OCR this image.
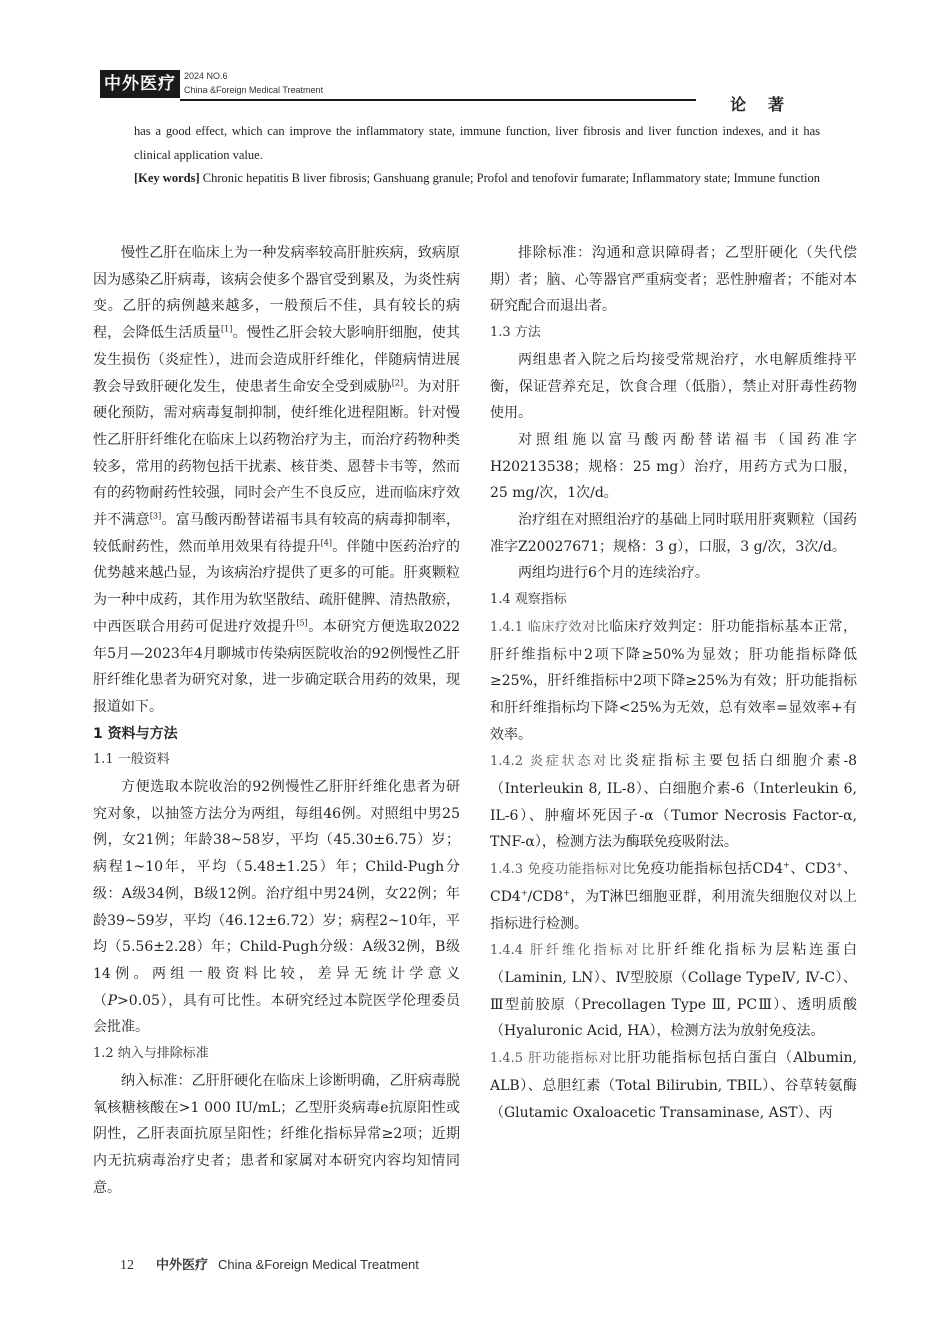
中外医疗 2024 NO.6
China &Foreign Medical Treatment
论著

has a good effect, which can improve the inflammatory state, immune function, liver fibrosis and liver function indexes, and it has clinical application value.

[Key words] Chronic hepatitis B liver fibrosis; Ganshuang granule; Profol and tenofovir fumarate; Inflammatory state; Immune function

慢性乙肝在临床上为一种发病率较高肝脏疾病，致病原因为感染乙肝病毒，该病会使多个器官受到累及，为炎性病变。乙肝的病例越来越多，一般预后不佳，具有较长的病程，会降低生活质量[1]。慢性乙肝会较大影响肝细胞，使其发生损伤（炎症性），进而会造成肝纤维化，伴随病情进展教会导致肝硬化发生，使患者生命安全受到威胁[2]。为对肝硬化预防，需对病毒复制抑制，使纤维化进程阻断。针对慢性乙肝肝纤维化在临床上以药物治疗为主，而治疗药物种类较多，常用的药物包括干扰素、核苷类、恩替卡韦等，然而有的药物耐药性较强，同时会产生不良反应，进而临床疗效并不满意[3]。富马酸丙酚替诺福韦具有较高的病毒抑制率，较低耐药性，然而单用效果有待提升[4]。伴随中医药治疗的优势越来越凸显，为该病治疗提供了更多的可能。肝爽颗粒为一种中成药，其作用为软坚散结、疏肝健脾、清热散瘀，中西医联合用药可促进疗效提升[5]。本研究方便选取2022年5月—2023年4月聊城市传染病医院收治的92例慢性乙肝肝纤维化患者为研究对象，进一步确定联合用药的效果，现报道如下。

1 资料与方法

1.1 一般资料

方便选取本院收治的92例慢性乙肝肝纤维化患者为研究对象，以抽签方法分为两组，每组46例。对照组中男25例，女21例；年龄38~58岁，平均（45.30±6.75）岁；病程1~10年，平均（5.48±1.25）年；Child-Pugh分级：A级34例，B级12例。治疗组中男24例，女22例；年龄39~59岁，平均（46.12±6.72）岁；病程2~10年，平均（5.56±2.28）年；Child-Pugh分级：A级32例，B级14例。两组一般资料比较，差异无统计学意义（P>0.05），具有可比性。本研究经过本院医学伦理委员会批准。

1.2 纳入与排除标准

纳入标准：乙肝肝硬化在临床上诊断明确，乙肝病毒脱氧核糖核酸在>1 000 IU/mL；乙型肝炎病毒e抗原阳性或阴性，乙肝表面抗原呈阳性；纤维化指标异常≥2项；近期内无抗病毒治疗史者；患者和家属对本研究内容均知情同意。

排除标准：沟通和意识障碍者；乙型肝硬化（失代偿期）者；脑、心等器官严重病变者；恶性肿瘤者；不能对本研究配合而退出者。

1.3 方法

两组患者入院之后均接受常规治疗，水电解质维持平衡，保证营养充足，饮食合理（低脂），禁止对肝毒性药物使用。

对照组施以富马酸丙酚替诺福韦（国药准字H20213538；规格：25 mg）治疗，用药方式为口服，25 mg/次，1次/d。

治疗组在对照组治疗的基础上同时联用肝爽颗粒（国药准字Z20027671；规格：3 g），口服，3 g/次，3次/d。

两组均进行6个月的连续治疗。

1.4 观察指标

1.4.1 临床疗效对比临床疗效判定：肝功能指标基本正常，肝纤维指标中2项下降≥50%为显效；肝功能指标降低≥25%，肝纤维指标中2项下降≥25%为有效；肝功能指标和肝纤维指标均下降<25%为无效，总有效率=显效率+有效率。

1.4.2 炎症状态对比炎症指标主要包括白细胞介素-8（Interleukin 8, IL-8）、白细胞介素-6（Interleukin 6, IL-6）、肿瘤坏死因子-α（Tumor Necrosis Factor-α, TNF-α），检测方法为酶联免疫吸附法。

1.4.3 免疫功能指标对比免疫功能指标包括CD4+、CD3+、CD4+/CD8+，为T淋巴细胞亚群，利用流失细胞仪对以上指标进行检测。

1.4.4 肝纤维化指标对比肝纤维化指标为层粘连蛋白（Laminin, LN）、Ⅳ型胶原（Collage TypeⅣ, Ⅳ-C）、Ⅲ型前胶原（Precollagen Type Ⅲ, PCⅢ）、透明质酸（Hyaluronic Acid, HA），检测方法为放射免疫法。

1.4.5 肝功能指标对比肝功能指标包括白蛋白（Albumin, ALB）、总胆红素（Total Bilirubin, TBIL）、谷草转氨酶（Glutamic Oxaloacetic Transaminase, AST）、丙

12 中外医疗 China &Foreign Medical Treatment
